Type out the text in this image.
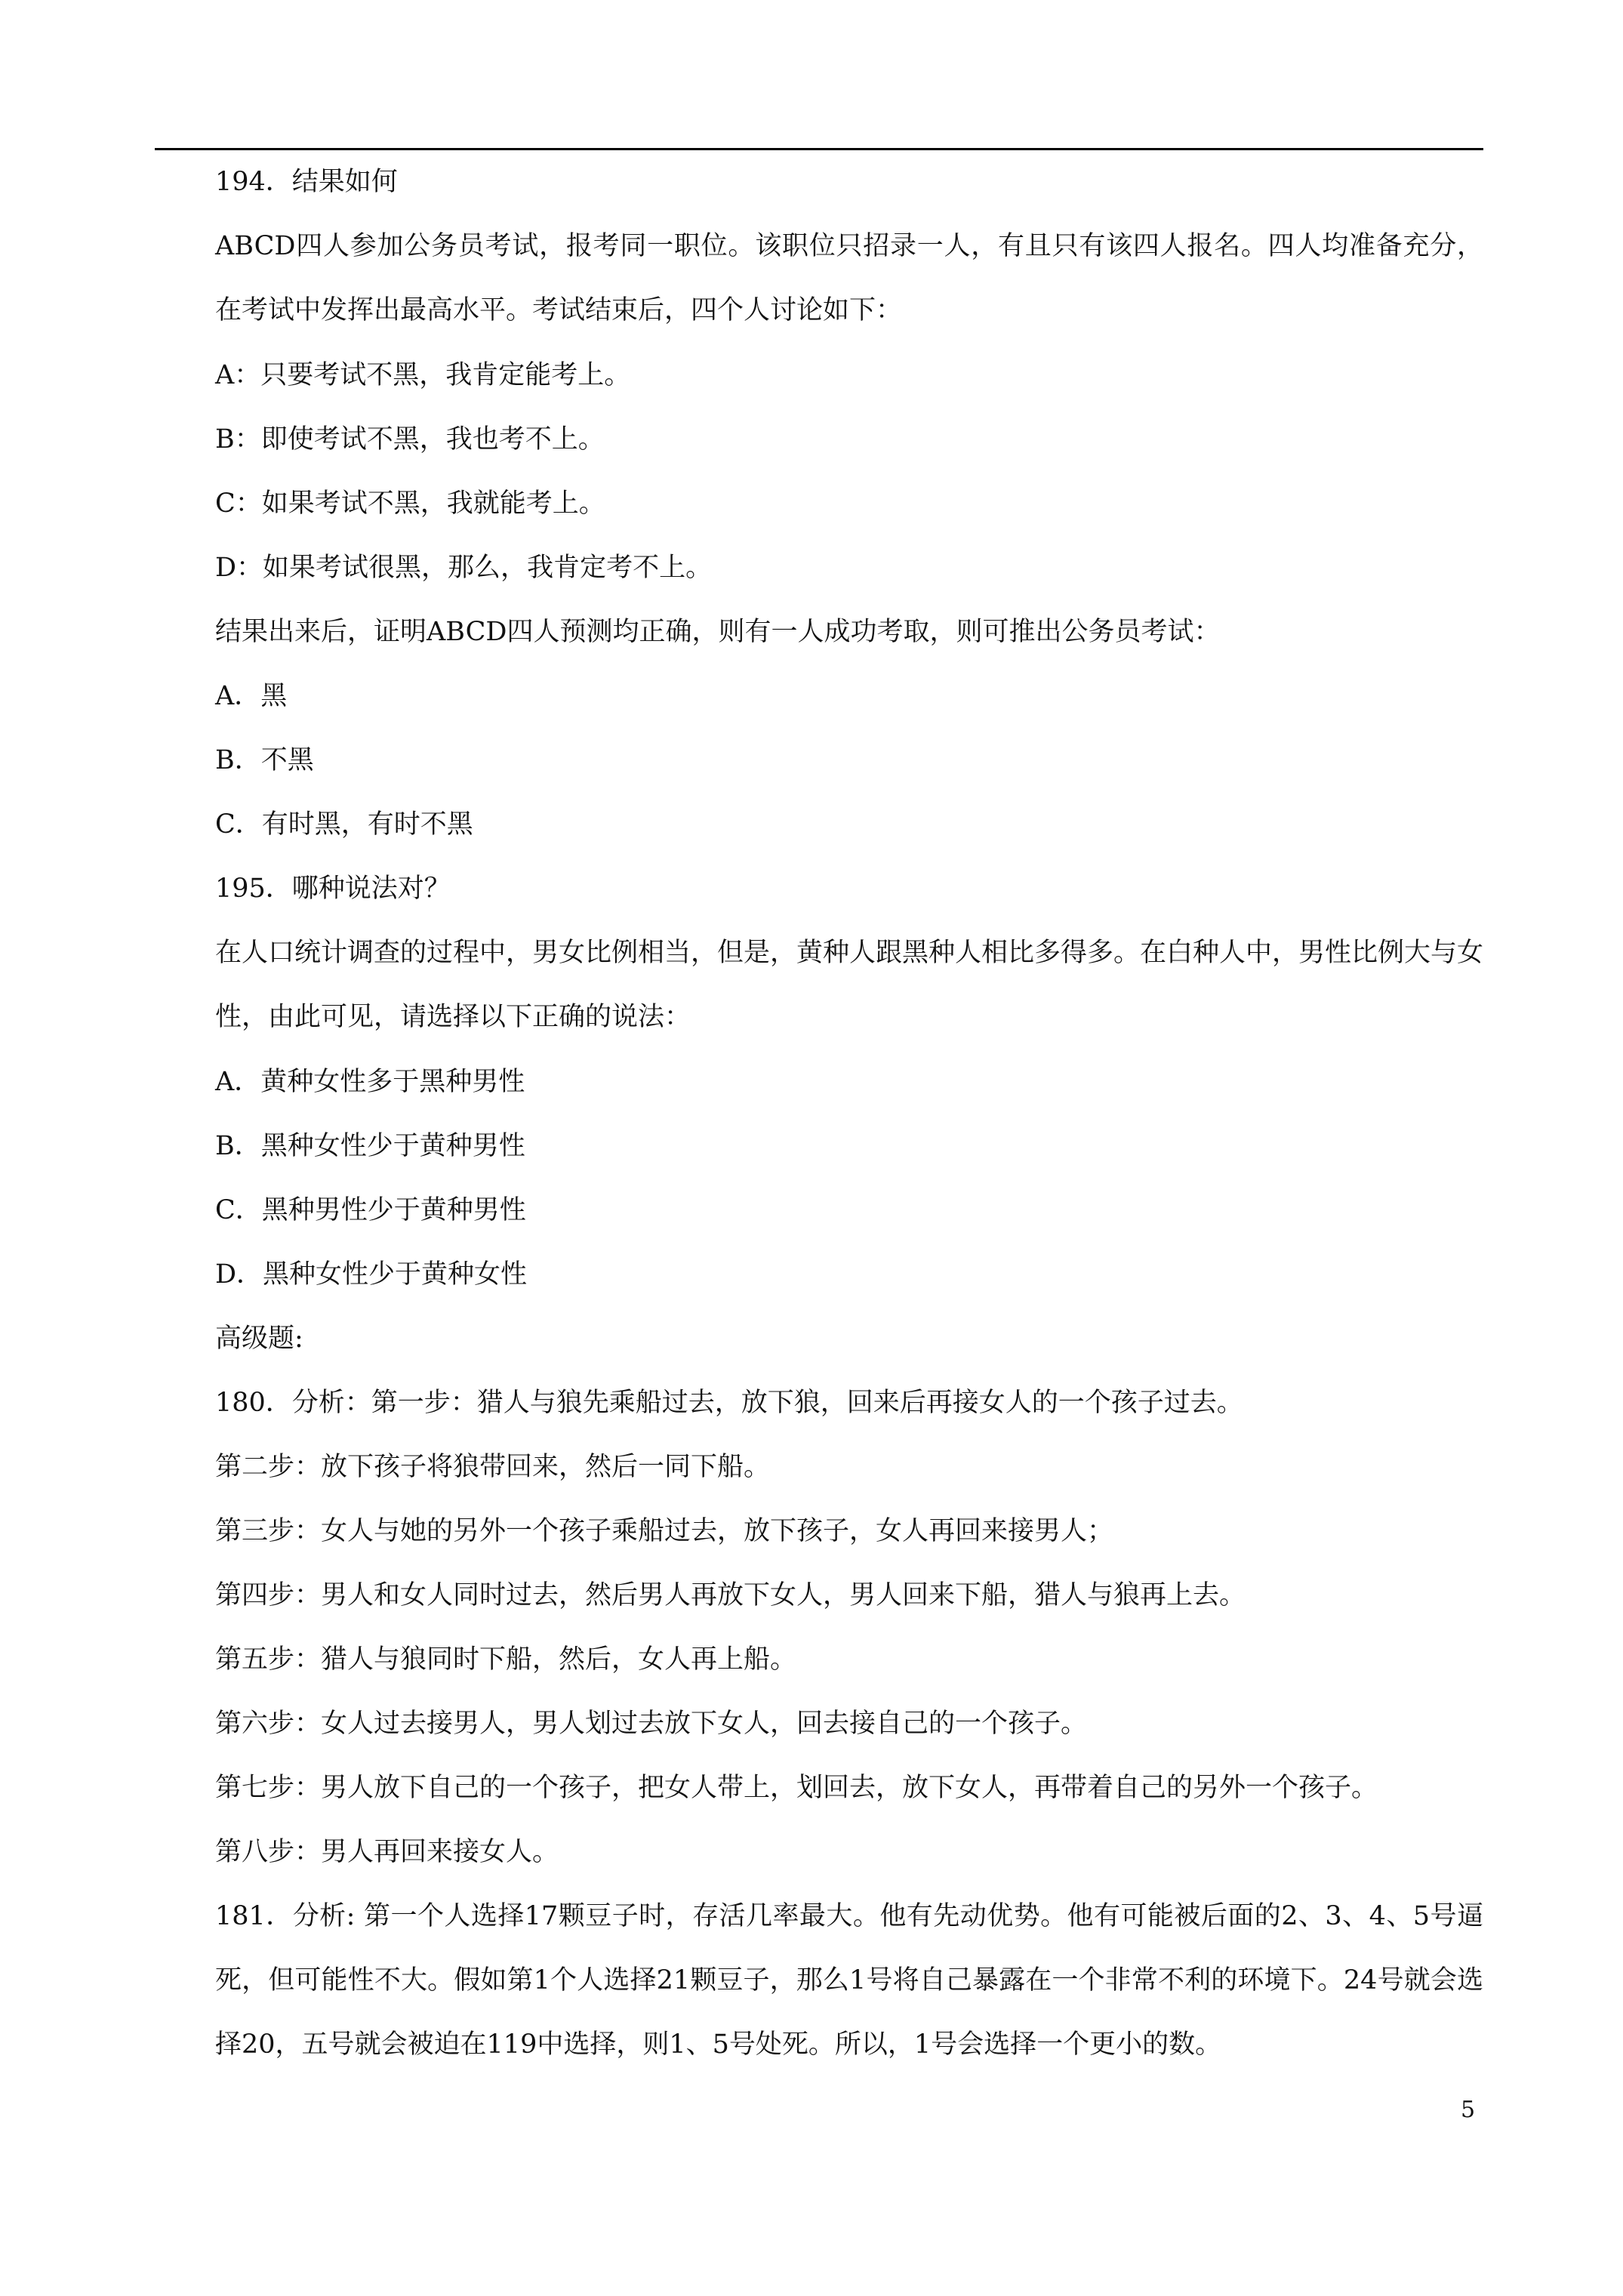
194．结果如何
ABCD四人参加公务员考试，报考同一职位。该职位只招录一人，有且只有该四人报名。四人均准备充分，在考试中发挥出最高水平。考试结束后，四个人讨论如下：
A：只要考试不黑，我肯定能考上。
B：即使考试不黑，我也考不上。
C：如果考试不黑，我就能考上。
D：如果考试很黑，那么，我肯定考不上。
结果出来后，证明ABCD四人预测均正确，则有一人成功考取，则可推出公务员考试：
A．黑
B．不黑
C．有时黑，有时不黑
195．哪种说法对？
在人口统计调查的过程中，男女比例相当，但是，黄种人跟黑种人相比多得多。在白种人中，男性比例大与女性，由此可见，请选择以下正确的说法：
A．黄种女性多于黑种男性
B．黑种女性少于黄种男性
C．黑种男性少于黄种男性
D．黑种女性少于黄种女性
高级题:
180．分析：第一步：猎人与狼先乘船过去，放下狼，回来后再接女人的一个孩子过去。
第二步：放下孩子将狼带回来，然后一同下船。
第三步：女人与她的另外一个孩子乘船过去，放下孩子，女人再回来接男人；
第四步：男人和女人同时过去，然后男人再放下女人，男人回来下船，猎人与狼再上去。
第五步：猎人与狼同时下船，然后，女人再上船。
第六步：女人过去接男人，男人划过去放下女人，回去接自己的一个孩子。
第七步：男人放下自己的一个孩子，把女人带上，划回去，放下女人，再带着自己的另外一个孩子。
第八步：男人再回来接女人。
181．分析: 第一个人选择17颗豆子时，存活几率最大。他有先动优势。他有可能被后面的2、3、4、5号逼死，但可能性不大。假如第1个人选择21颗豆子，那么1号将自己暴露在一个非常不利的环境下。24号就会选择20，五号就会被迫在119中选择，则1、5号处死。所以，1号会选择一个更小的数。
5
